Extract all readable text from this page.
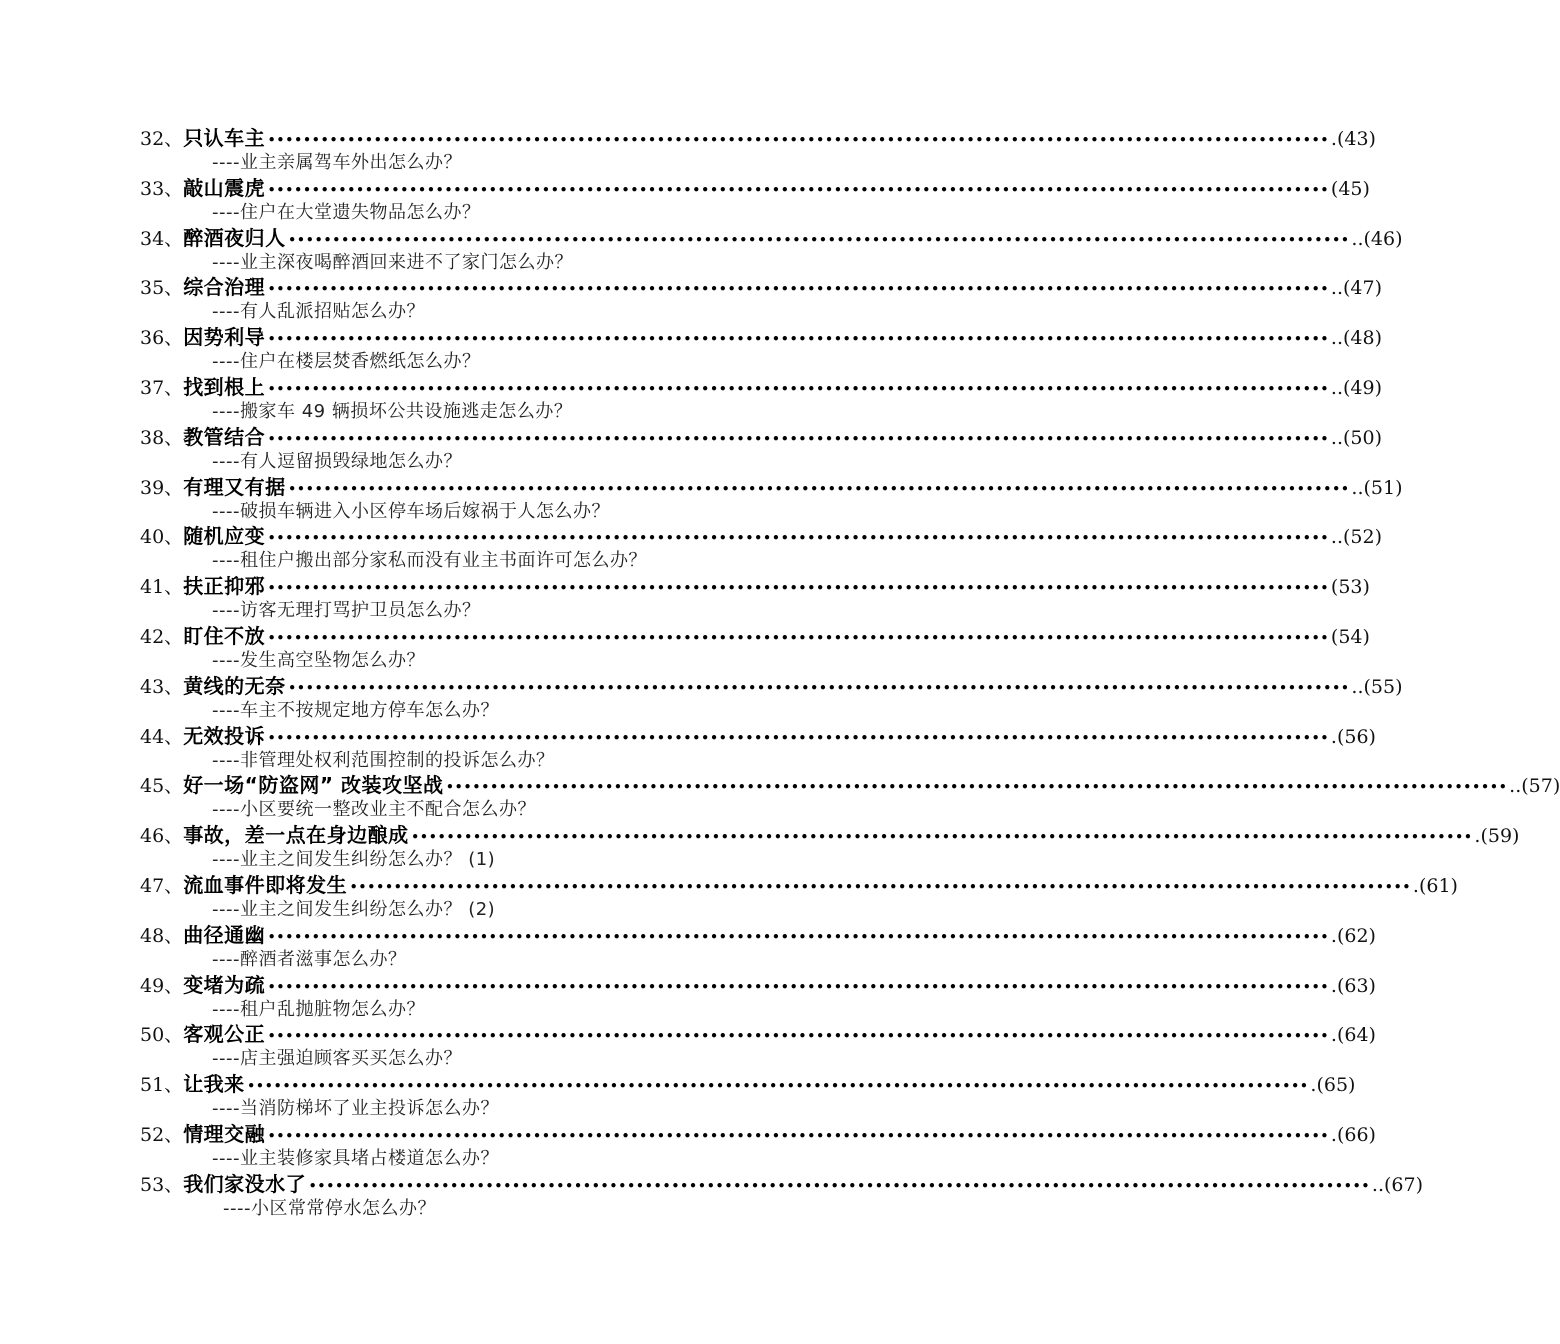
32、 只认车主 •••••••••••••••••••••••••••••••••••••••••••••••••••••••••••••••••••••••••••••••••••••••••••••••••••••••••••••••••••••••• .(43)
----业主亲属驾车外出怎么办？
33、 敲山震虎 •••••••••••••••••••••••••••••••••••••••••••••••••••••••••••••••••••••••••••••••••••••••••••••••••••••••••••••••••••••••• (45)
----住户在大堂遗失物品怎么办？
34、 醉酒夜归人 •••••••••••••••••••••••••••••••••••••••••••••••••••••••••••••••••••••••••••••••••••••••••••••••••••••••••••••••••••••••• ..(46)
----业主深夜喝醉酒回来进不了家门怎么办？
35、 综合治理 •••••••••••••••••••••••••••••••••••••••••••••••••••••••••••••••••••••••••••••••••••••••••••••••••••••••••••••••••••••••• ..(47)
----有人乱派招贴怎么办？
36、 因势利导 •••••••••••••••••••••••••••••••••••••••••••••••••••••••••••••••••••••••••••••••••••••••••••••••••••••••••••••••••••••••• ..(48)
----住户在楼层焚香燃纸怎么办？
37、 找到根上 •••••••••••••••••••••••••••••••••••••••••••••••••••••••••••••••••••••••••••••••••••••••••••••••••••••••••••••••••••••••• ..(49)
----搬家车 49 辆损坏公共设施逃走怎么办？
38、 教管结合 •••••••••••••••••••••••••••••••••••••••••••••••••••••••••••••••••••••••••••••••••••••••••••••••••••••••••••••••••••••••• ..(50)
----有人逗留损毁绿地怎么办？
39、 有理又有据 •••••••••••••••••••••••••••••••••••••••••••••••••••••••••••••••••••••••••••••••••••••••••••••••••••••••••••••••••••••••• ..(51)
----破损车辆进入小区停车场后嫁祸于人怎么办？
40、 随机应变 •••••••••••••••••••••••••••••••••••••••••••••••••••••••••••••••••••••••••••••••••••••••••••••••••••••••••••••••••••••••• ..(52)
----租住户搬出部分家私而没有业主书面许可怎么办？
41、 扶正抑邪 •••••••••••••••••••••••••••••••••••••••••••••••••••••••••••••••••••••••••••••••••••••••••••••••••••••••••••••••••••••••• (53)
----访客无理打骂护卫员怎么办？
42、 盯住不放 •••••••••••••••••••••••••••••••••••••••••••••••••••••••••••••••••••••••••••••••••••••••••••••••••••••••••••••••••••••••• (54)
----发生高空坠物怎么办？
43、 黄线的无奈 •••••••••••••••••••••••••••••••••••••••••••••••••••••••••••••••••••••••••••••••••••••••••••••••••••••••••••••••••••••••• ..(55)
----车主不按规定地方停车怎么办？
44、 无效投诉 •••••••••••••••••••••••••••••••••••••••••••••••••••••••••••••••••••••••••••••••••••••••••••••••••••••••••••••••••••••••• .(56)
----非管理处权利范围控制的投诉怎么办？
45、 好一场“防盗网” 改装攻坚战 •••••••••••••••••••••••••••••••••••••••••••••••••••••••••••••••••••••••••••••••••••••••••••••••••••••••••••••••••••••••• ..(57)
----小区要统一整改业主不配合怎么办？
46、 事故，差一点在身边酿成 •••••••••••••••••••••••••••••••••••••••••••••••••••••••••••••••••••••••••••••••••••••••••••••••••••••••••••••••••••••••• .(59)
----业主之间发生纠纷怎么办？ (1)
47、 流血事件即将发生 •••••••••••••••••••••••••••••••••••••••••••••••••••••••••••••••••••••••••••••••••••••••••••••••••••••••••••••••••••••••• .(61)
----业主之间发生纠纷怎么办？ (2)
48、 曲径通幽 •••••••••••••••••••••••••••••••••••••••••••••••••••••••••••••••••••••••••••••••••••••••••••••••••••••••••••••••••••••••• .(62)
----醉酒者滋事怎么办？
49、 变堵为疏 •••••••••••••••••••••••••••••••••••••••••••••••••••••••••••••••••••••••••••••••••••••••••••••••••••••••••••••••••••••••• .(63)
----租户乱抛脏物怎么办？
50、 客观公正 •••••••••••••••••••••••••••••••••••••••••••••••••••••••••••••••••••••••••••••••••••••••••••••••••••••••••••••••••••••••• .(64)
----店主强迫顾客买买怎么办？
51、 让我来 •••••••••••••••••••••••••••••••••••••••••••••••••••••••••••••••••••••••••••••••••••••••••••••••••••••••••••••••••••••••• .(65)
----当消防梯坏了业主投诉怎么办？
52、 情理交融 •••••••••••••••••••••••••••••••••••••••••••••••••••••••••••••••••••••••••••••••••••••••••••••••••••••••••••••••••••••••• .(66)
----业主装修家具堵占楼道怎么办？
53、 我们家没水了 •••••••••••••••••••••••••••••••••••••••••••••••••••••••••••••••••••••••••••••••••••••••••••••••••••••••••••••••••••••••• ..(67)
----小区常常停水怎么办？
